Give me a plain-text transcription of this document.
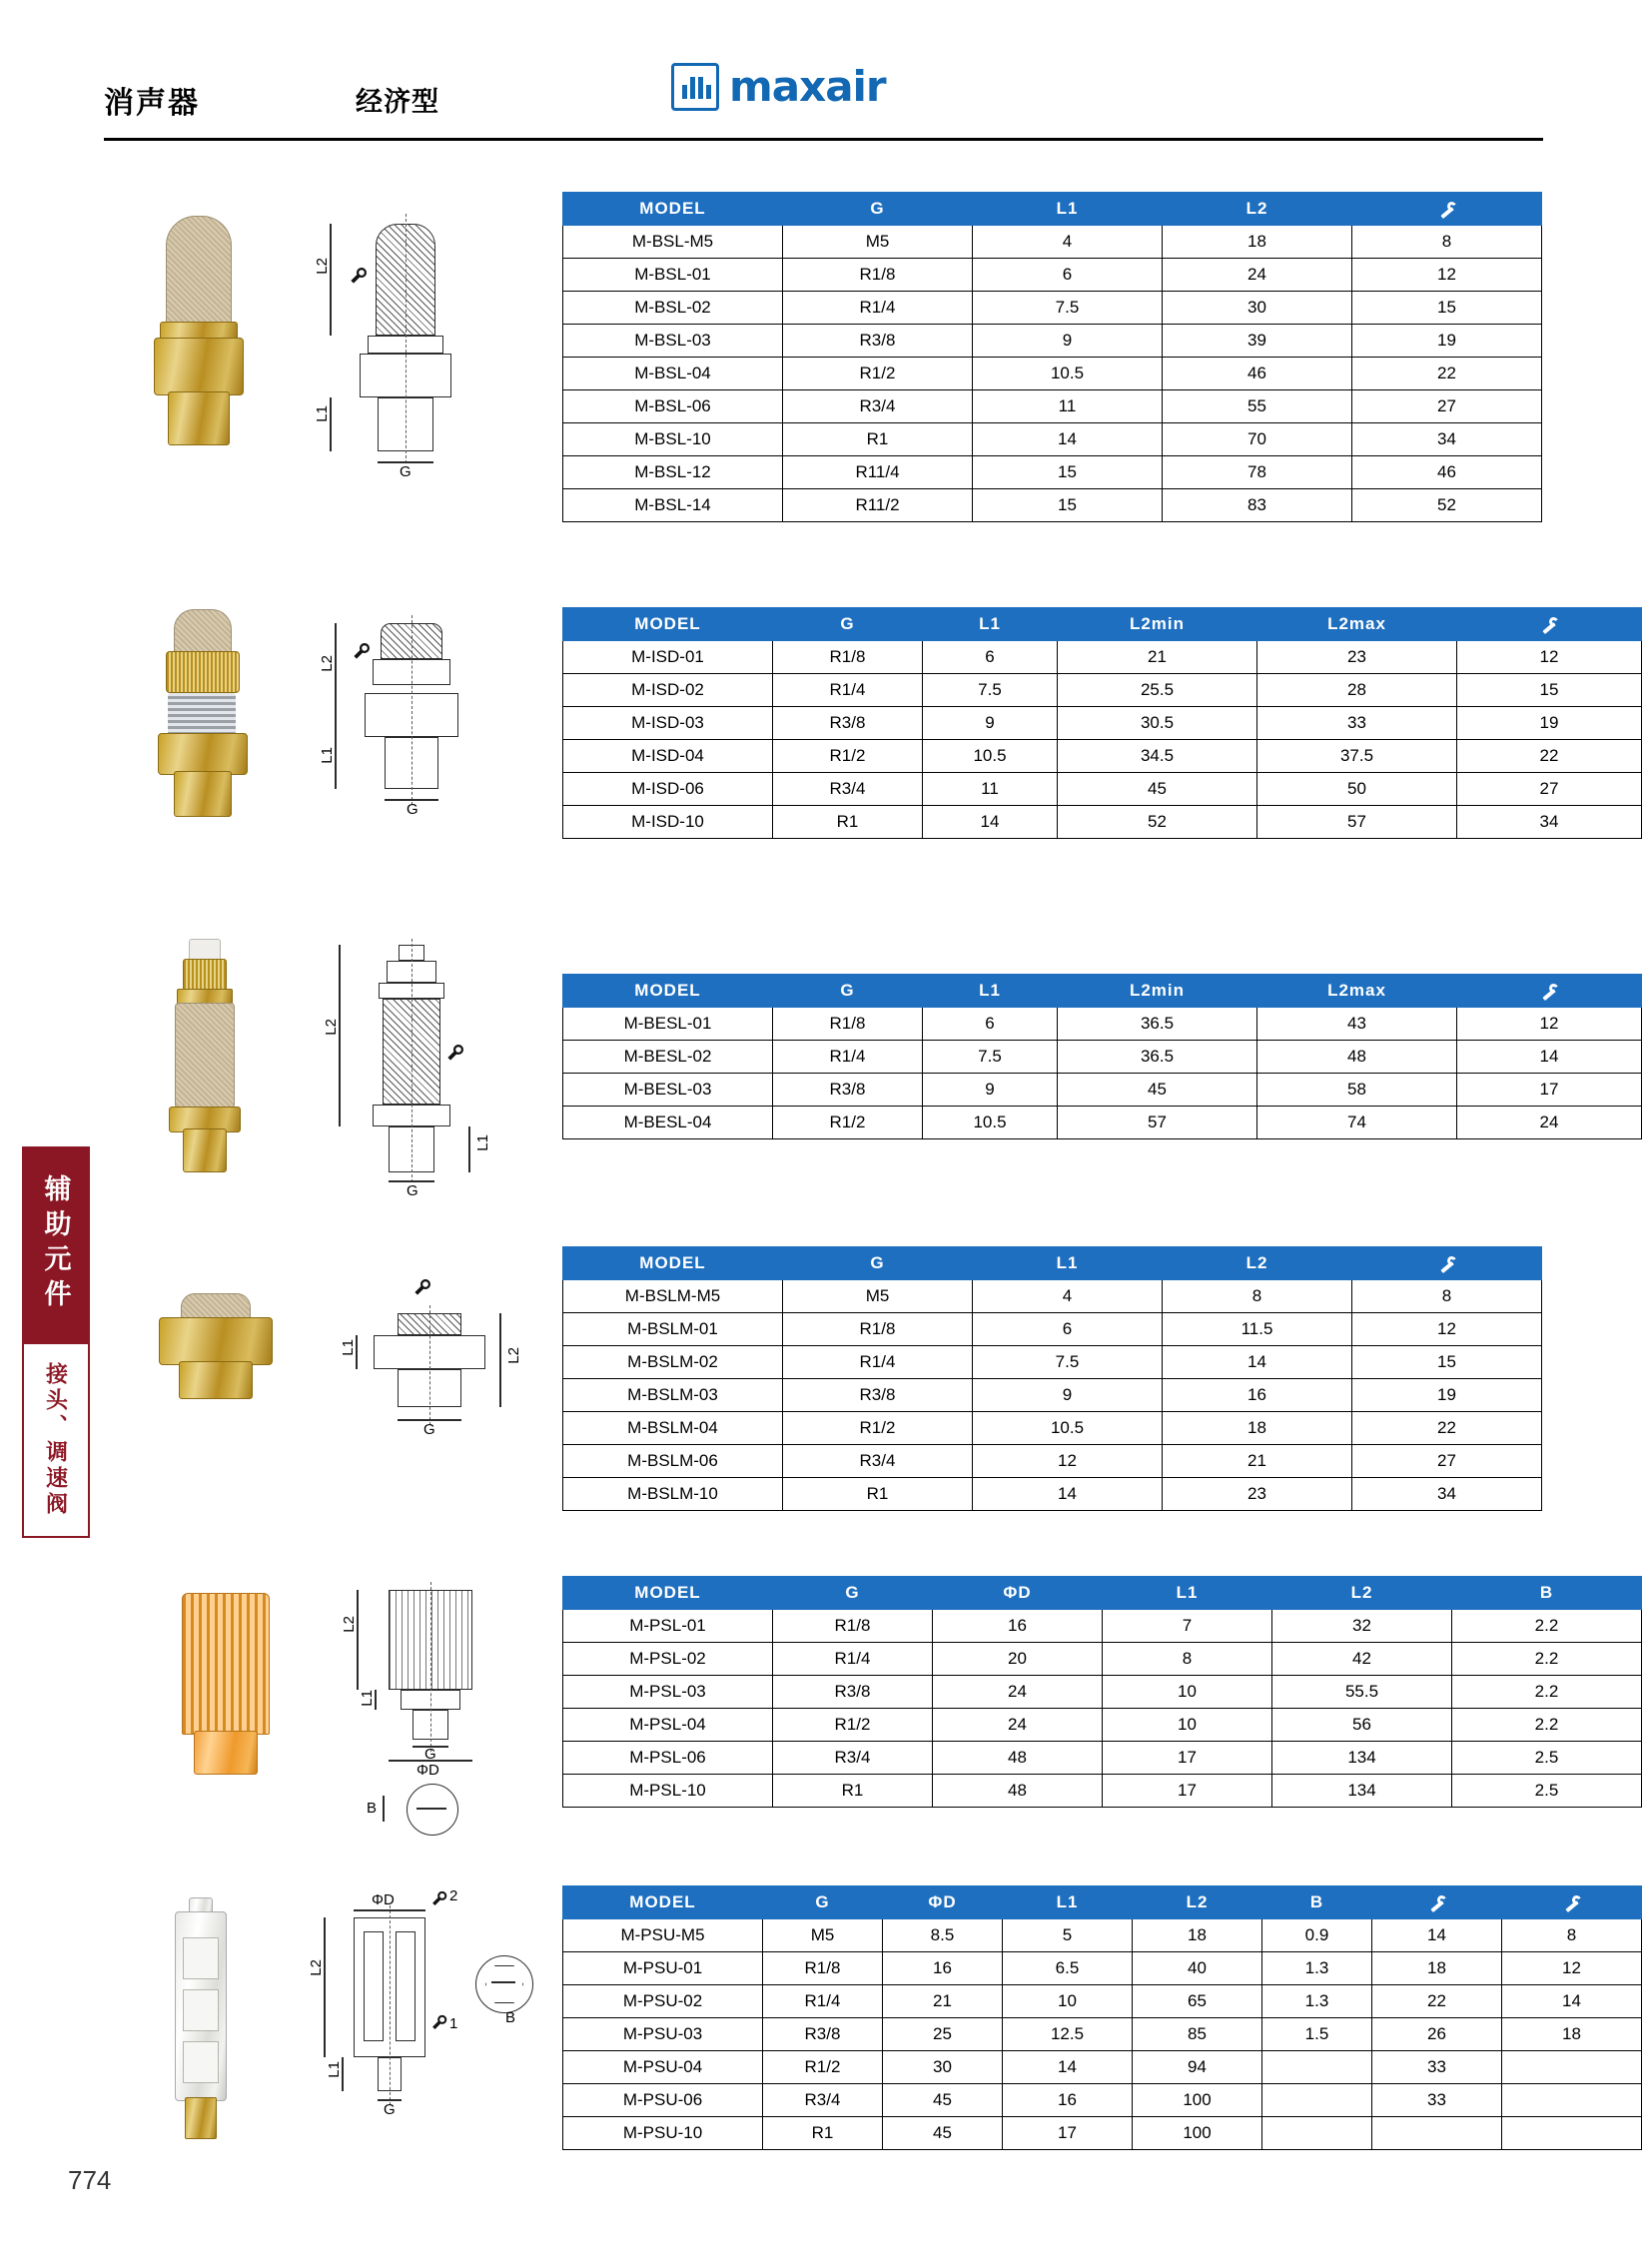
消声器	经济型	maxair
辅助元件
接头、调速阀
774
L2
L1
G
MODEL	G	L1	L2	
M-BSL-M5	M5	4	18	8
M-BSL-01	R1/8	6	24	12
M-BSL-02	R1/4	7.5	30	15
M-BSL-03	R3/8	9	39	19
M-BSL-04	R1/2	10.5	46	22
M-BSL-06	R3/4	11	55	27
M-BSL-10	R1	14	70	34
M-BSL-12	R11/4	15	78	46
M-BSL-14	R11/2	15	83	52
L2
L1
G
MODEL	G	L1	L2min	L2max	
M-ISD-01	R1/8	6	21	23	12
M-ISD-02	R1/4	7.5	25.5	28	15
M-ISD-03	R3/8	9	30.5	33	19
M-ISD-04	R1/2	10.5	34.5	37.5	22
M-ISD-06	R3/4	11	45	50	27
M-ISD-10	R1	14	52	57	34
L2
L1
G
MODEL	G	L1	L2min	L2max	
M-BESL-01	R1/8	6	36.5	43	12
M-BESL-02	R1/4	7.5	36.5	48	14
M-BESL-03	R3/8	9	45	58	17
M-BESL-04	R1/2	10.5	57	74	24
L1	L2
G
MODEL	G	L1	L2	
M-BSLM-M5	M5	4	8	8
M-BSLM-01	R1/8	6	11.5	12
M-BSLM-02	R1/4	7.5	14	15
M-BSLM-03	R3/8	9	16	19
M-BSLM-04	R1/2	10.5	18	22
M-BSLM-06	R3/4	12	21	27
M-BSLM-10	R1	14	23	34
L2
L1
G
ΦD
B
MODEL	G	ΦD	L1	L2	B
M-PSL-01	R1/8	16	7	32	2.2
M-PSL-02	R1/4	20	8	42	2.2
M-PSL-03	R3/8	24	10	55.5	2.2
M-PSL-04	R1/2	24	10	56	2.2
M-PSL-06	R3/4	48	17	134	2.5
M-PSL-10	R1	48	17	134	2.5
ΦD
L2
L1
G
2
1	B
MODEL	G	ΦD	L1	L2	B		
M-PSU-M5	M5	8.5	5	18	0.9	14	8
M-PSU-01	R1/8	16	6.5	40	1.3	18	12
M-PSU-02	R1/4	21	10	65	1.3	22	14
M-PSU-03	R3/8	25	12.5	85	1.5	26	18
M-PSU-04	R1/2	30	14	94		33	
M-PSU-06	R3/4	45	16	100		33	
M-PSU-10	R1	45	17	100			
